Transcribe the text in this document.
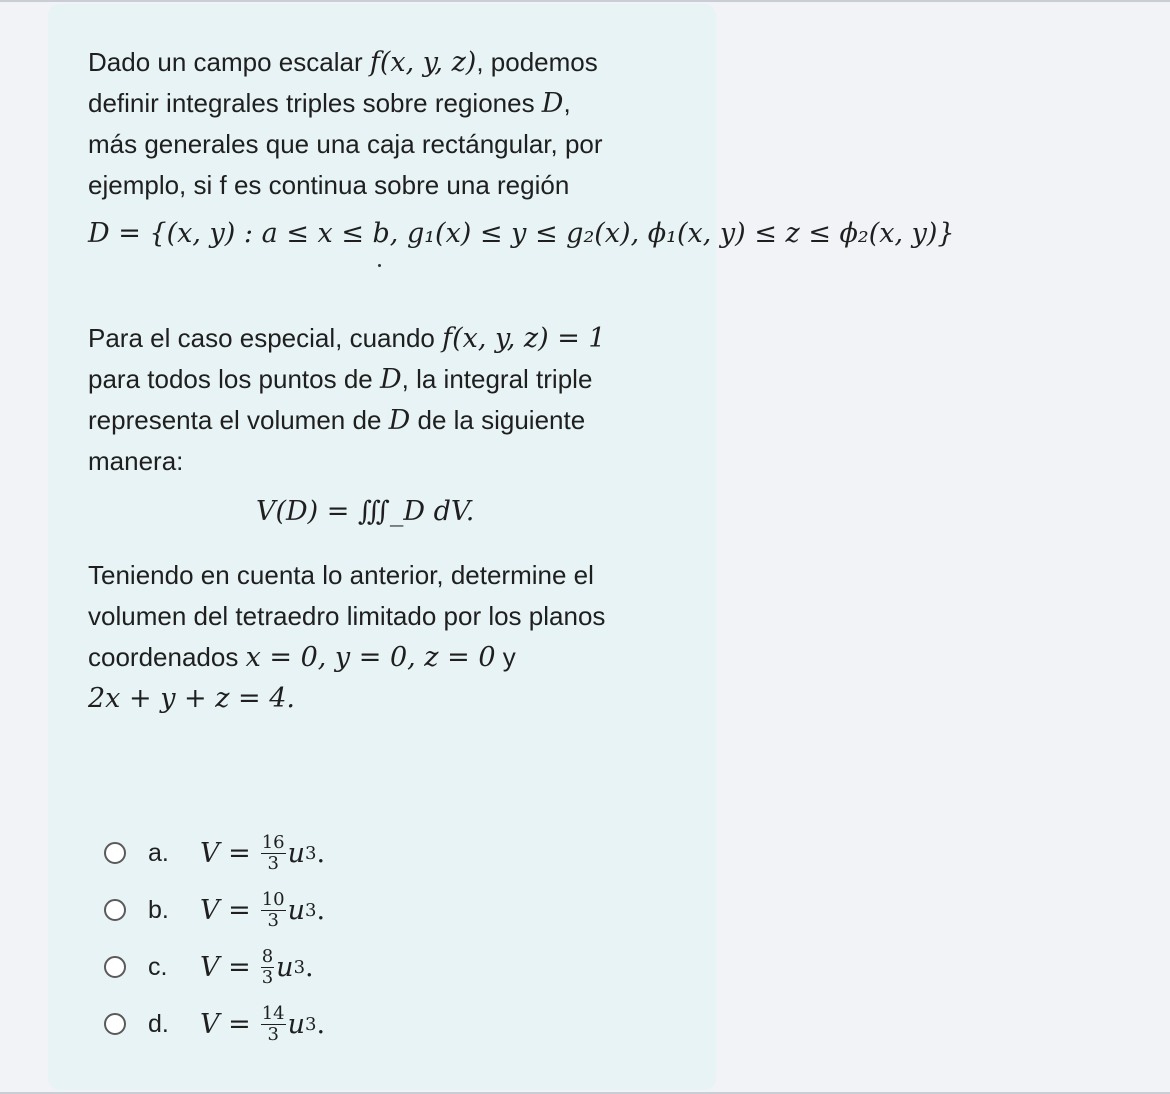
Dado un campo escalar f(x, y, z), podemos
definir integrales triples sobre regiones D,
más generales que una caja rectángular, por
ejemplo, si f es continua sobre una región
D = {(x, y) : a ≤ x ≤ b, g₁(x) ≤ y ≤ g₂(x), ϕ₁(x, y) ≤ z ≤ ϕ₂(x, y)}
Para el caso especial, cuando f(x, y, z) = 1
para todos los puntos de D, la integral triple
representa el volumen de D de la siguiente
manera:
V(D) = ∭_D dV.
Teniendo en cuenta lo anterior, determine el
volumen del tetraedro limitado por los planos
coordenados x = 0, y = 0, z = 0 y
2x + y + z = 4.
a. $V = \frac{16}{3}$ u 3 .
b. $V = \frac{10}{3}$ u 3 .
c. $V = \frac{8}{3}$ u 3 .
d. $V = \frac{14}{3}$ u 3 .
